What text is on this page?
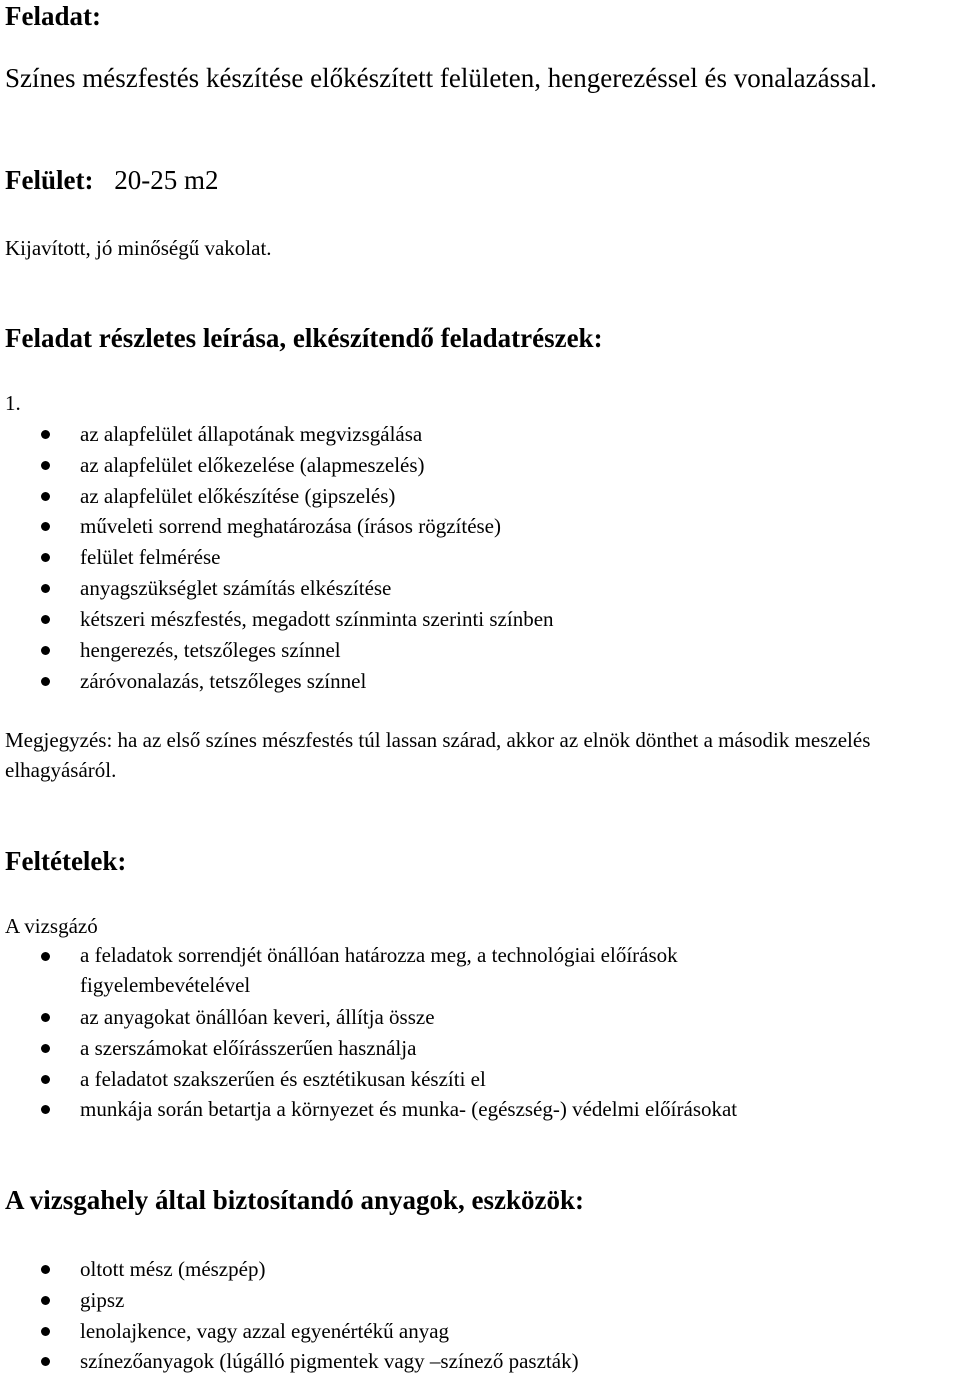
Feladat:

Színes mészfestés készítése előkészített felületen, hengerezéssel és vonalazással.

Felület: 20-25 m2

Kijavított, jó minőségű vakolat.

Feladat részletes leírása, elkészítendő feladatrészek:

1.

az alapfelület állapotának megvizsgálása
az alapfelület előkezelése (alapmeszelés)
az alapfelület előkészítése (gipszelés)
műveleti sorrend meghatározása (írásos rögzítése)
felület felmérése
anyagszükséglet számítás elkészítése
kétszeri mészfestés, megadott színminta szerinti színben
hengerezés, tetszőleges színnel
záróvonalazás, tetszőleges színnel

Megjegyzés: ha az első színes mészfestés túl lassan szárad, akkor az elnök dönthet a második meszelés elhagyásáról.

Feltételek:

A vizsgázó

a feladatok sorrendjét önállóan határozza meg, a technológiai előírások figyelembevételével
az anyagokat önállóan keveri, állítja össze
a szerszámokat előírásszerűen használja
a feladatot szakszerűen és esztétikusan készíti el
munkája során betartja a környezet és munka- (egészség-) védelmi előírásokat
A vizsgahely által biztosítandó anyagok, eszközök:
oltott mész (mészpép)
gipsz
lenolajkence, vagy azzal egyenértékű anyag
színezőanyagok (lúgálló pigmentek vagy –színező paszták)
